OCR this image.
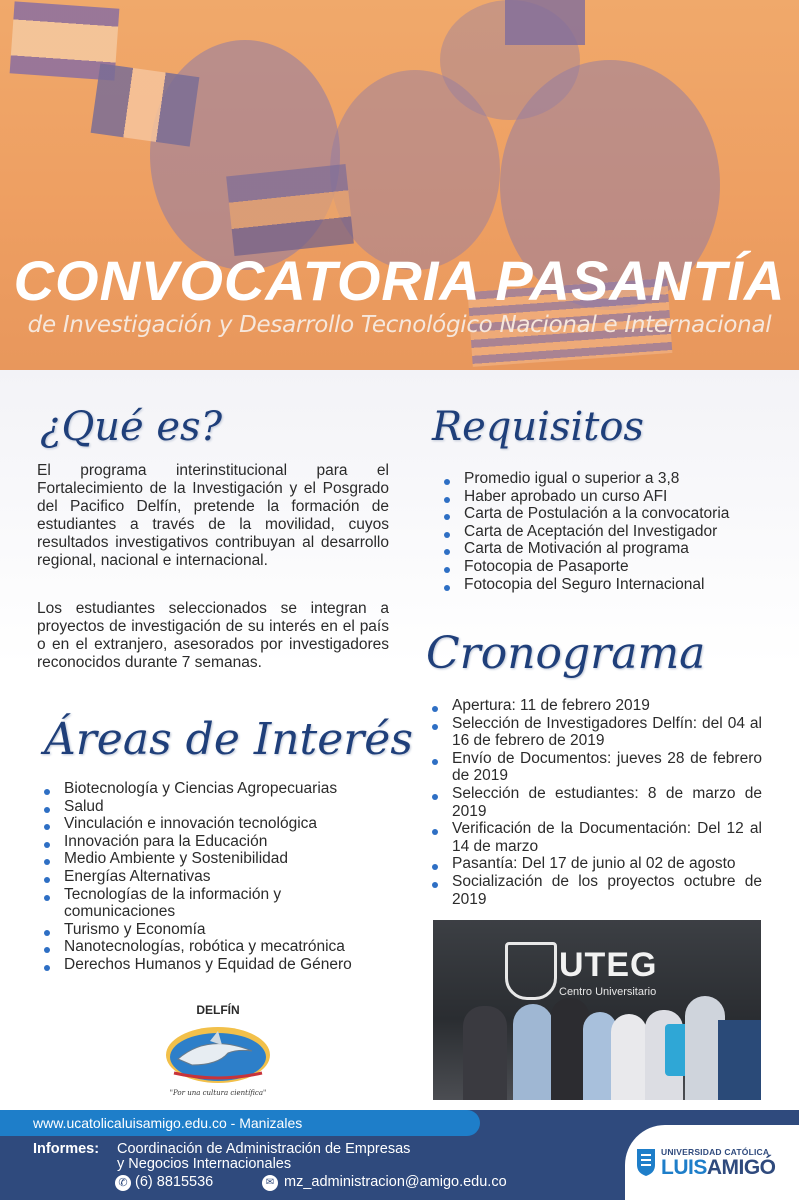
CONVOCATORIA PASANTÍA
de Investigación y Desarrollo Tecnológico Nacional e Internacional
¿Qué es?
El programa interinstitucional para el Fortalecimiento de la Investigación y el Posgrado del Pacifico Delfín, pretende la formación de estudiantes a través de la movilidad, cuyos resultados investigativos contribuyan al desarrollo regional, nacional e internacional.
Los estudiantes seleccionados se integran a proyectos de investigación de su interés en el país o en el extranjero, asesorados por investigadores reconocidos durante 7 semanas.
Requisitos
Promedio igual o superior a 3,8
Haber aprobado un curso AFI
Carta de Postulación a la convocatoria
Carta de Aceptación del Investigador
Carta de Motivación al programa
Fotocopia de Pasaporte
Fotocopia del Seguro Internacional
Cronograma
Apertura: 11 de febrero 2019
Selección de Investigadores Delfín: del 04 al 16 de febrero de 2019
Envío de Documentos: jueves 28 de febrero de 2019
Selección de estudiantes: 8 de marzo de 2019
Verificación de la Documentación: Del 12 al 14 de marzo
Pasantía: Del 17 de junio al 02 de agosto
Socialización de los proyectos octubre de 2019
Áreas de Interés
Biotecnología y Ciencias Agropecuarias
Salud
Vinculación e innovación tecnológica
Innovación para la Educación
Medio Ambiente y Sostenibilidad
Energías Alternativas
Tecnologías de la información y comunicaciones
Turismo y Economía
Nanotecnologías, robótica y mecatrónica
Derechos Humanos y Equidad de Género
DELFÍN
"Por una cultura científica"
UTEG
Centro Universitario
www.ucatolicaluisamigo.edu.co - Manizales
Informes: Coordinación de Administración de Empresas
y Negocios Internacionales
✆ (6) 8815536	✉ mz_administracion@amigo.edu.co
UNIVERSIDAD CATÓLICA
LUISAMIGÓ
